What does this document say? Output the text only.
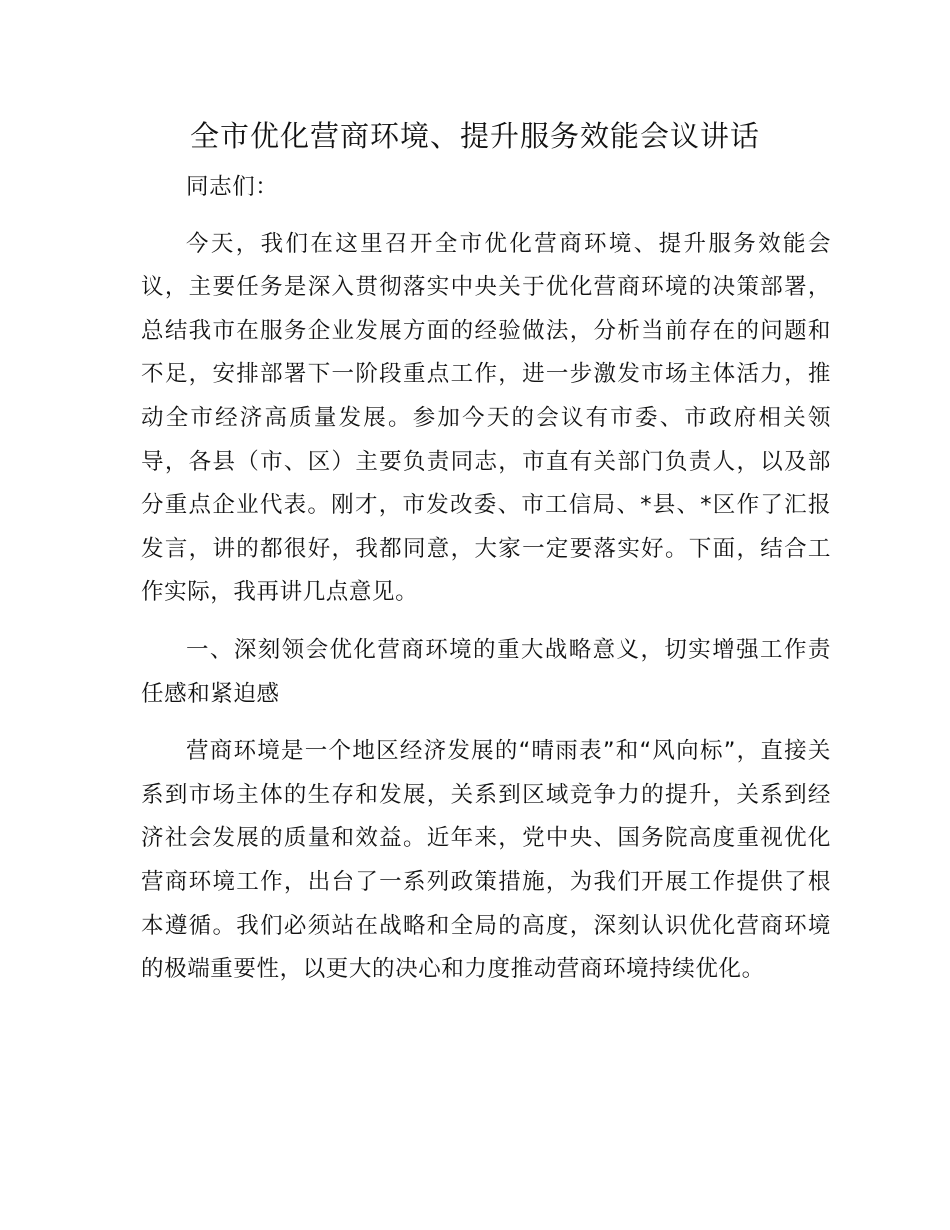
全市优化营商环境、提升服务效能会议讲话

同志们：

今天，我们在这里召开全市优化营商环境、提升服务效能会议，主要任务是深入贯彻落实中央关于优化营商环境的决策部署，总结我市在服务企业发展方面的经验做法，分析当前存在的问题和不足，安排部署下一阶段重点工作，进一步激发市场主体活力，推动全市经济高质量发展。参加今天的会议有市委、市政府相关领导，各县（市、区）主要负责同志，市直有关部门负责人，以及部分重点企业代表。刚才，市发改委、市工信局、*县、*区作了汇报发言，讲的都很好，我都同意，大家一定要落实好。下面，结合工作实际，我再讲几点意见。

一、深刻领会优化营商环境的重大战略意义，切实增强工作责任感和紧迫感

营商环境是一个地区经济发展的“晴雨表”和“风向标”，直接关系到市场主体的生存和发展，关系到区域竞争力的提升，关系到经济社会发展的质量和效益。近年来，党中央、国务院高度重视优化营商环境工作，出台了一系列政策措施，为我们开展工作提供了根本遵循。我们必须站在战略和全局的高度，深刻认识优化营商环境的极端重要性，以更大的决心和力度推动营商环境持续优化。
